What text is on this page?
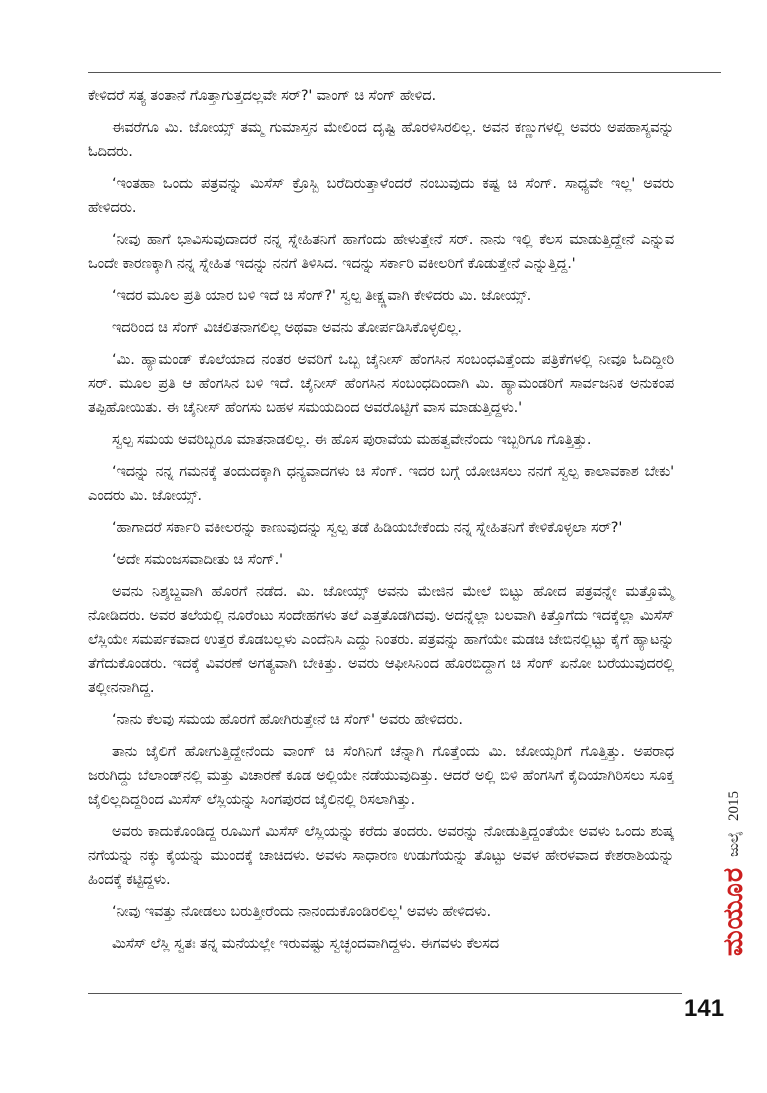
ಕೇಳಿದರೆ ಸತ್ಯ ತಂತಾನೆ ಗೊತ್ತಾಗುತ್ತದಲ್ಲವೇ ಸರ್?' ವಾಂಗ್ ಚಿ ಸೆಂಗ್ ಹೇಳಿದ.

ಈವರೆಗೂ ಮಿ. ಜೋಯ್ಸ್ ತಮ್ಮ ಗುಮಾಸ್ತನ ಮೇಲಿಂದ ದೃಷ್ಟಿ ಹೊರಳಿಸಿರಲಿಲ್ಲ. ಅವನ ಕಣ್ಣುಗಳಲ್ಲಿ ಅವರು ಅಪಹಾಸ್ಯವನ್ನು ಓದಿದರು.

‘ಇಂತಹಾ ಒಂದು ಪತ್ರವನ್ನು ಮಿಸೆಸ್ ಕ್ರೊಸ್ಬಿ ಬರೆದಿರುತ್ತಾಳೆಂದರೆ ನಂಬುವುದು ಕಷ್ಟ ಚಿ ಸೆಂಗ್. ಸಾಧ್ಯವೇ ಇಲ್ಲ' ಅವರು ಹೇಳಿದರು.

‘ನೀವು ಹಾಗೆ ಭಾವಿಸುವುದಾದರೆ ನನ್ನ ಸ್ನೇಹಿತನಿಗೆ ಹಾಗೆಂದು ಹೇಳುತ್ತೇನೆ ಸರ್. ನಾನು ಇಲ್ಲಿ ಕೆಲಸ ಮಾಡುತ್ತಿದ್ದೇನೆ ಎನ್ನುವ ಒಂದೇ ಕಾರಣಕ್ಕಾಗಿ ನನ್ನ ಸ್ನೇಹಿತ ಇದನ್ನು ನನಗೆ ತಿಳಿಸಿದ. ಇದನ್ನು ಸರ್ಕಾರಿ ವಕೀಲರಿಗೆ ಕೊಡುತ್ತೇನೆ ಎನ್ನುತ್ತಿದ್ದ.'

‘ಇದರ ಮೂಲ ಪ್ರತಿ ಯಾರ ಬಳಿ ಇದೆ ಚಿ ಸೆಂಗ್?' ಸ್ವಲ್ಪ ತೀಕ್ಷ್ಣವಾಗಿ ಕೇಳಿದರು ಮಿ. ಜೋಯ್ಸ್.

ಇದರಿಂದ ಚಿ ಸೆಂಗ್ ವಿಚಲಿತನಾಗಲಿಲ್ಲ ಅಥವಾ ಅವನು ತೋರ್ಪಡಿಸಿಕೊಳ್ಳಲಿಲ್ಲ.

‘ಮಿ. ಹ್ಯಾಮಂಡ್ ಕೊಲೆಯಾದ ನಂತರ ಅವರಿಗೆ ಒಬ್ಬ ಚೈನೀಸ್ ಹೆಂಗಸಿನ ಸಂಬಂಧವಿತ್ತೆಂದು ಪತ್ರಿಕೆಗಳಲ್ಲಿ ನೀವೂ ಓದಿದ್ದೀರಿ ಸರ್. ಮೂಲ ಪ್ರತಿ ಆ ಹೆಂಗಸಿನ ಬಳಿ ಇದೆ. ಚೈನೀಸ್ ಹೆಂಗಸಿನ ಸಂಬಂಧದಿಂದಾಗಿ ಮಿ. ಹ್ಯಾಮಂಡರಿಗೆ ಸಾರ್ವಜನಿಕ ಅನುಕಂಪ ತಪ್ಪಿಹೋಯಿತು. ಈ ಚೈನೀಸ್ ಹೆಂಗಸು ಬಹಳ ಸಮಯದಿಂದ ಅವರೊಟ್ಟಿಗೆ ವಾಸ ಮಾಡುತ್ತಿದ್ದಳು.'

ಸ್ವಲ್ಪ ಸಮಯ ಅವರಿಬ್ಬರೂ ಮಾತನಾಡಲಿಲ್ಲ. ಈ ಹೊಸ ಪುರಾವೆಯ ಮಹತ್ವವೇನೆಂದು ಇಬ್ಬರಿಗೂ ಗೊತ್ತಿತ್ತು.

‘ಇದನ್ನು ನನ್ನ ಗಮನಕ್ಕೆ ತಂದುದಕ್ಕಾಗಿ ಧನ್ಯವಾದಗಳು ಚಿ ಸೆಂಗ್. ಇದರ ಬಗ್ಗೆ ಯೋಚಿಸಲು ನನಗೆ ಸ್ವಲ್ಪ ಕಾಲಾವಕಾಶ ಬೇಕು' ಎಂದರು ಮಿ. ಜೋಯ್ಸ್.

‘ಹಾಗಾದರೆ ಸರ್ಕಾರಿ ವಕೀಲರನ್ನು ಕಾಣುವುದನ್ನು ಸ್ವಲ್ಪ ತಡೆ ಹಿಡಿಯಬೇಕೆಂದು ನನ್ನ ಸ್ನೇಹಿತನಿಗೆ ಕೇಳಿಕೊಳ್ಳಲಾ ಸರ್?'

‘ಅದೇ ಸಮಂಜಸವಾದೀತು ಚಿ ಸೆಂಗ್.'

ಅವನು ನಿಶ್ಶಬ್ದವಾಗಿ ಹೊರಗೆ ನಡೆದ. ಮಿ. ಜೋಯ್ಸ್ ಅವನು ಮೇಜಿನ ಮೇಲೆ ಬಿಟ್ಟು ಹೋದ ಪತ್ರವನ್ನೇ ಮತ್ತೊಮ್ಮೆ ನೋಡಿದರು. ಅವರ ತಲೆಯಲ್ಲಿ ನೂರೆಂಟು ಸಂದೇಹಗಳು ತಲೆ ಎತ್ತತೊಡಗಿದವು. ಅದನ್ನೆಲ್ಲಾ ಬಲವಾಗಿ ಕಿತ್ತೊಗೆದು ಇದಕ್ಕೆಲ್ಲಾ ಮಿಸೆಸ್ ಲೆಸ್ಲಿಯೇ ಸಮರ್ಪಕವಾದ ಉತ್ತರ ಕೊಡಬಲ್ಲಳು ಎಂದೆನಿಸಿ ಎದ್ದು ನಿಂತರು. ಪತ್ರವನ್ನು ಹಾಗೆಯೇ ಮಡಚಿ ಜೇಬಿನಲ್ಲಿಟ್ಟು ಕೈಗೆ ಹ್ಯಾಟನ್ನು ತೆಗೆದುಕೊಂಡರು. ಇದಕ್ಕೆ ವಿವರಣೆ ಅಗತ್ಯವಾಗಿ ಬೇಕಿತ್ತು. ಅವರು ಆಫೀಸಿನಿಂದ ಹೊರಬಿದ್ದಾಗ ಚಿ ಸೆಂಗ್ ಏನೋ ಬರೆಯುವುದರಲ್ಲಿ ತಲ್ಲೀನನಾಗಿದ್ದ.

‘ನಾನು ಕೆಲವು ಸಮಯ ಹೊರಗೆ ಹೋಗಿರುತ್ತೇನೆ ಚಿ ಸೆಂಗ್' ಅವರು ಹೇಳಿದರು.

ತಾನು ಜೈಲಿಗೆ ಹೋಗುತ್ತಿದ್ದೇನೆಂದು ವಾಂಗ್ ಚಿ ಸೆಂಗಿನಿಗೆ ಚೆನ್ನಾಗಿ ಗೊತ್ತೆಂದು ಮಿ. ಜೋಯ್ಸರಿಗೆ ಗೊತ್ತಿತ್ತು. ಅಪರಾಧ ಜರುಗಿದ್ದು ಬೆಲಾಂಡ್‌ನಲ್ಲಿ ಮತ್ತು ವಿಚಾರಣೆ ಕೂಡ ಅಲ್ಲಿಯೇ ನಡೆಯುವುದಿತ್ತು. ಆದರೆ ಅಲ್ಲಿ ಬಿಳಿ ಹೆಂಗಸಿಗೆ ಕೈದಿಯಾಗಿರಿಸಲು ಸೂಕ್ತ ಜೈಲಿಲ್ಲದಿದ್ದರಿಂದ ಮಿಸೆಸ್ ಲೆಸ್ಲಿಯನ್ನು ಸಿಂಗಪುರದ ಜೈಲಿನಲ್ಲಿ ರಿಸಲಾಗಿತ್ತು.

ಅವರು ಕಾದುಕೊಂಡಿದ್ದ ರೂಮಿಗೆ ಮಿಸೆಸ್ ಲೆಸ್ಲಿಯನ್ನು ಕರೆದು ತಂದರು. ಅವರನ್ನು ನೋಡುತ್ತಿದ್ದಂತೆಯೇ ಅವಳು ಒಂದು ಶುಷ್ಕ ನಗೆಯನ್ನು ನಕ್ಕು ಕೈಯನ್ನು ಮುಂದಕ್ಕೆ ಚಾಚಿದಳು. ಅವಳು ಸಾಧಾರಣ ಉಡುಗೆಯನ್ನು ತೊಟ್ಟು ಅವಳ ಹೇರಳವಾದ ಕೇಶರಾಶಿಯನ್ನು ಹಿಂದಕ್ಕೆ ಕಟ್ಟಿದ್ದಳು.

‘ನೀವು ಇವತ್ತು ನೋಡಲು ಬರುತ್ತೀರೆಂದು ನಾನಂದುಕೊಂಡಿರಲಿಲ್ಲ' ಅವಳು ಹೇಳಿದಳು.

ಮಿಸೆಸ್ ಲೆಸ್ಲಿ ಸ್ವತಃ ತನ್ನ ಮನೆಯಲ್ಲೇ ಇರುವಷ್ಟು ಸ್ವಚ್ಛಂದವಾಗಿದ್ದಳು. ಈಗವಳು ಕೆಲಸದ	ಮಯೂರ
ಜುಲೈ
2015
141
